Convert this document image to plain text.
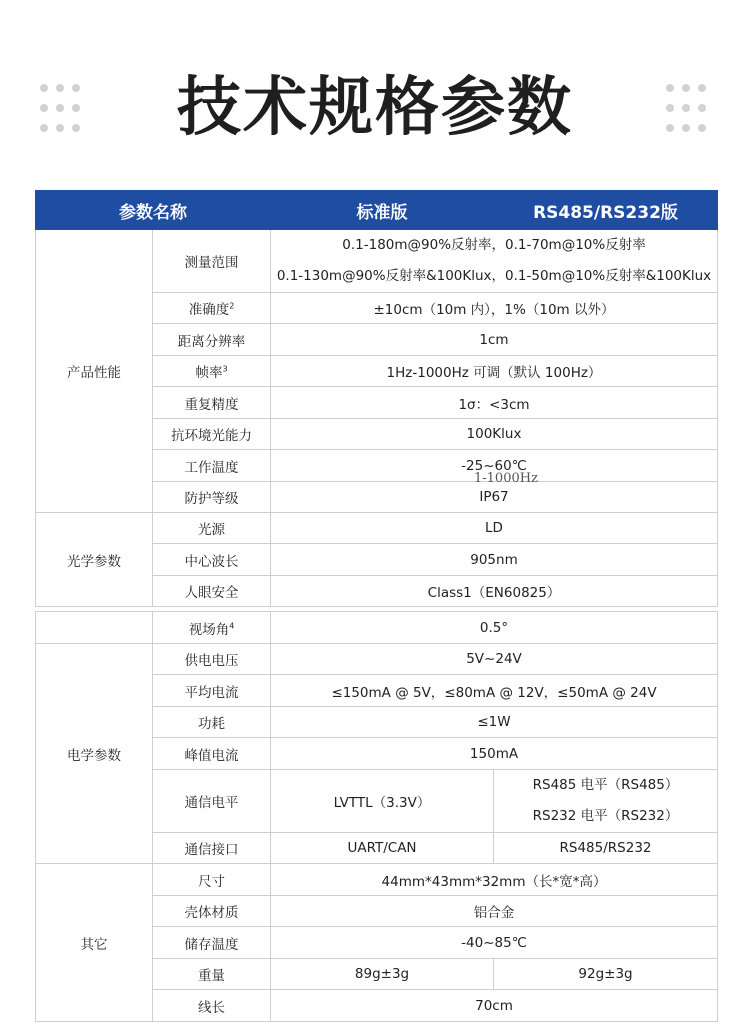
技术规格参数
参数名称		标准版	RS485/RS232版
产品性能	测量范围	0.1-180m@90%反射率，0.1-70m@10%反射率
0.1-130m@90%反射率&100Klux，0.1-50m@10%反射率&100Klux	

	准确度$^2$	±10cm（10m 内），1%（10m 以外）	
	距离分辨率	1cm	
	帧率$^3$	1Hz-1000Hz 可调（默认 100Hz）	
	重复精度	1σ：<3cm	
	抗环境光能力	100Klux	
	工作温度	-25~60℃	
	防护等级	IP67	
光学参数	光源	LD	
	中心波长	905nm	
	人眼安全	Class1（EN60825）	
	视场角$^4$	0.5°	
电学参数	供电电压	5V~24V	
	平均电流	≤150mA @ 5V，≤80mA @ 12V，≤50mA @ 24V	
	功耗	≤1W	
	峰值电流	150mA	
	通信电平	LVTTL（3.3V）	RS485 电平（RS485）
RS232 电平（RS232）

	通信接口	UART/CAN	RS485/RS232
其它	尺寸	44mm*43mm*32mm（长*宽*高）	
	壳体材质	铝合金	
	储存温度	-40~85℃	
	重量	89g±3g	92g±3g
	线长	70cm	
1-1000Hz
